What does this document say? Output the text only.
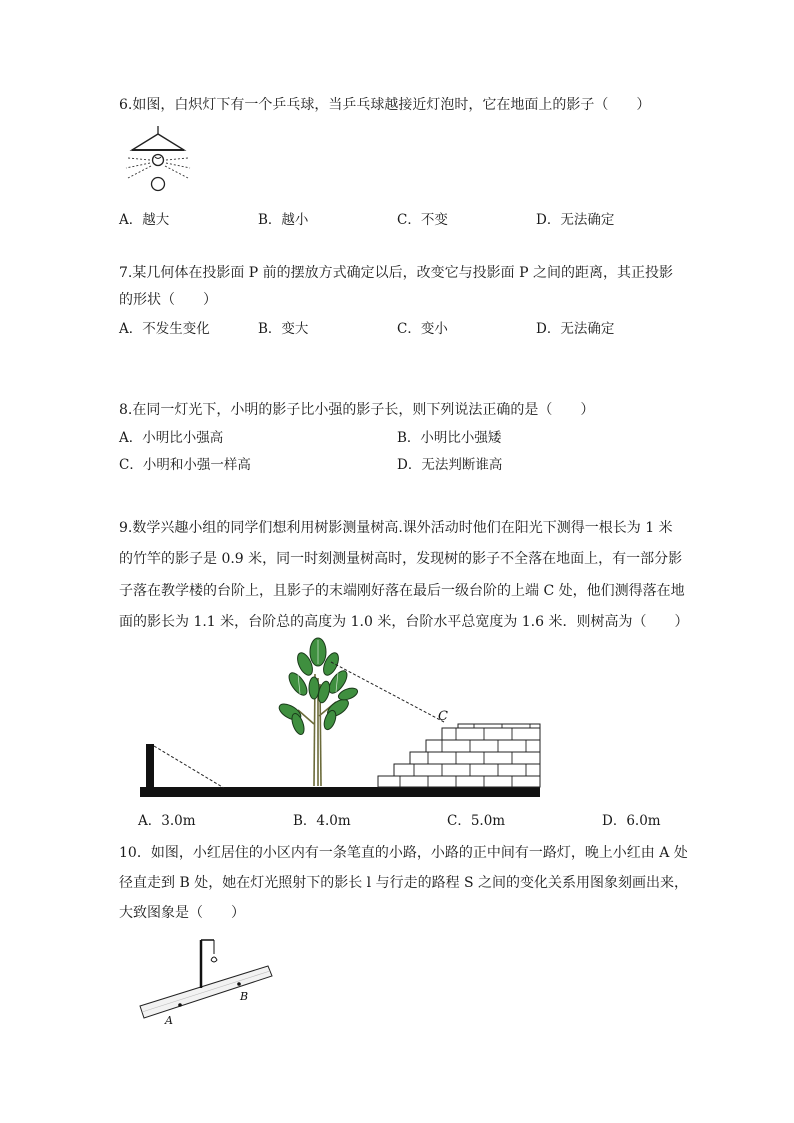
6.如图，白炽灯下有一个乒乓球，当乒乓球越接近灯泡时，它在地面上的影子（　　）
A．越大	B．越小	C．不变	D．无法确定
7.某几何体在投影面 P 前的摆放方式确定以后，改变它与投影面 P 之间的距离，其正投影
的形状（　　）
A．不发生变化	B．变大	C．变小	D．无法确定
8.在同一灯光下，小明的影子比小强的影子长，则下列说法正确的是（　　）
A．小明比小强高	B．小明比小强矮
C．小明和小强一样高	D．无法判断谁高
9.数学兴趣小组的同学们想利用树影测量树高.课外活动时他们在阳光下测得一根长为 1 米
的竹竿的影子是 0.9 米，同一时刻测量树高时，发现树的影子不全落在地面上，有一部分影
子落在教学楼的台阶上，且影子的末端刚好落在最后一级台阶的上端 C 处，他们测得落在地
面的影长为 1.1 米，台阶总的高度为 1.0 米，台阶水平总宽度为 1.6 米．则树高为（　　）
C
A．3.0m	B．4.0m	C．5.0m	D．6.0m
10．如图，小红居住的小区内有一条笔直的小路，小路的正中间有一路灯，晚上小红由 A 处
径直走到 B 处，她在灯光照射下的影长 l 与行走的路程 S 之间的变化关系用图象刻画出来，
大致图象是（　　）
A
B
